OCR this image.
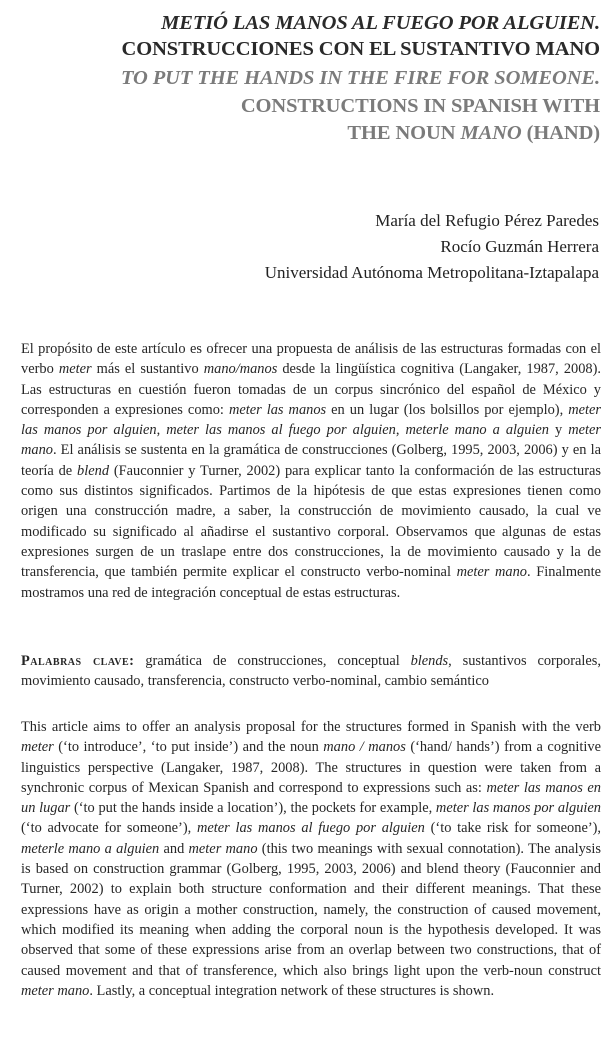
METIÓ LAS MANOS AL FUEGO POR ALGUIEN.
CONSTRUCCIONES CON EL SUSTANTIVO MANO
TO PUT THE HANDS IN THE FIRE FOR SOMEONE.
CONSTRUCTIONS IN SPANISH WITH
THE NOUN MANO (HAND)
María del Refugio Pérez Paredes
Rocío Guzmán Herrera
Universidad Autónoma Metropolitana-Iztapalapa

El propósito de este artículo es ofrecer una propuesta de análisis de las estructuras formadas con el verbo meter más el sustantivo mano/manos desde la lingüística cognitiva (Langaker, 1987, 2008). Las estructuras en cuestión fueron tomadas de un corpus sincrónico del español de México y corresponden a expresiones como: meter las manos en un lugar (los bolsillos por ejemplo), meter las manos por alguien, meter las manos al fuego por alguien, meterle mano a alguien y meter mano. El análisis se sustenta en la gramática de construcciones (Golberg, 1995, 2003, 2006) y en la teoría de blend (Fauconnier y Turner, 2002) para explicar tanto la conformación de las estructuras como sus distintos significados. Partimos de la hipótesis de que estas expresiones tienen como origen una construcción madre, a saber, la construcción de movimiento causado, la cual ve modificado su significado al añadirse el sustantivo corporal. Observamos que algunas de estas expresiones surgen de un traslape entre dos construcciones, la de movimiento causado y la de transferencia, que también permite explicar el constructo verbo-nominal meter mano. Finalmente mostramos una red de integración conceptual de estas estructuras.

Palabras clave: gramática de construcciones, conceptual blends, sustantivos corporales, movimiento causado, transferencia, constructo verbo-nominal, cambio semántico

This article aims to offer an analysis proposal for the structures formed in Spanish with the verb meter (‘to introduce’, ‘to put inside’) and the noun mano / manos (‘hand/ hands’) from a cognitive linguistics perspective (Langaker, 1987, 2008). The structures in question were taken from a synchronic corpus of Mexican Spanish and correspond to expressions such as: meter las manos en un lugar (‘to put the hands inside a location’), the pockets for example, meter las manos por alguien (‘to advocate for someone’), meter las manos al fuego por alguien (‘to take risk for someone’), meterle mano a alguien and meter mano (this two meanings with sexual connotation). The analysis is based on construction grammar (Golberg, 1995, 2003, 2006) and blend theory (Fauconnier and Turner, 2002) to explain both structure conformation and their different meanings. That these expressions have as origin a mother construction, namely, the construction of caused movement, which modified its meaning when adding the corporal noun is the hypothesis developed. It was observed that some of these expressions arise from an overlap between two constructions, that of caused movement and that of transference, which also brings light upon the verb-noun construct meter mano. Lastly, a conceptual integration network of these structures is shown.
